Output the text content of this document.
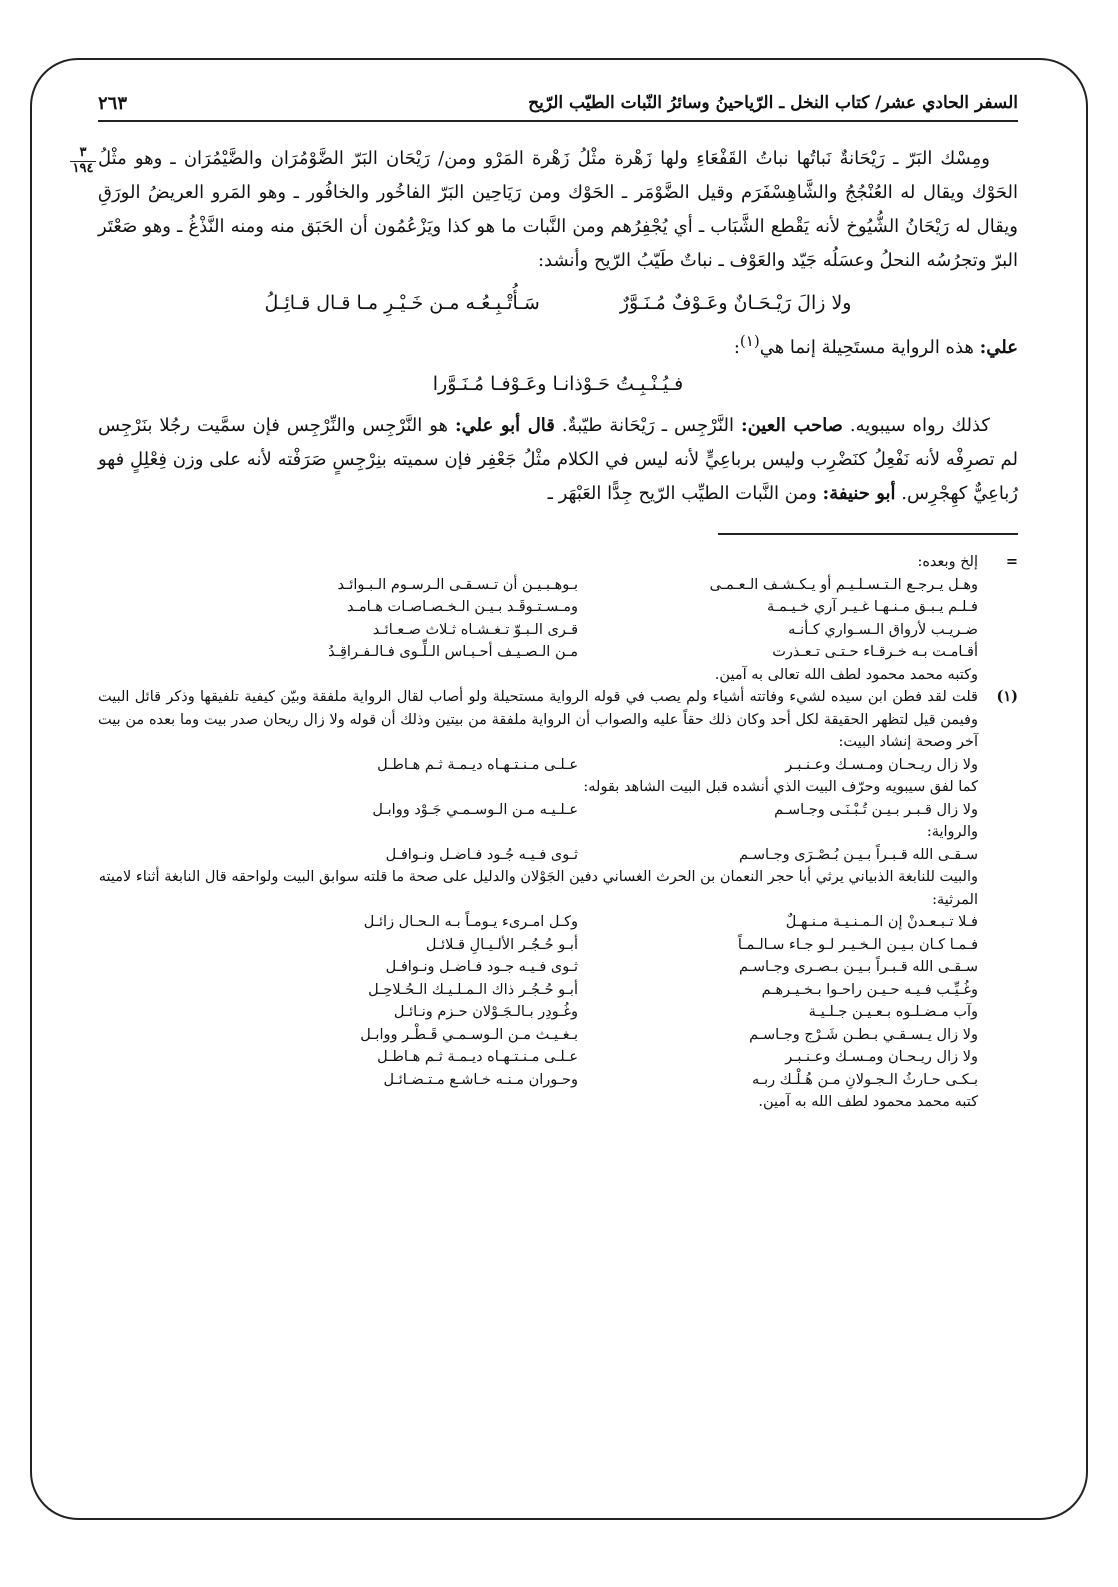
السفر الحادي عشر/ كتاب النخل ـ الرّياحينُ وسائرُ النّبات الطيّب الرّيح
٢٦٣
٣
١٩٤ ومِسْك البَرّ ـ رَيْحَانةٌ نَباتُها نباتُ القَفْعَاءِ ولها زَهْرة مثْلُ زَهْرة المَرْو ومن/ رَيْحَان البَرّ الضَّوْمُرَان والضَّيْمُرَان ـ وهو مثْلُ الحَوْك ويقال له العُنْجُجُ والشَّاهِسْفَرَم وقيل الضَّوْمَر ـ الحَوْك ومن رَيَاحِين البَرّ الفاخُور والخافُور ـ وهو المَرو العريضُ الورَقِ ويقال له رَيْحَانُ الشُّيُوخ لأنه يَقْطع الشَّبَاب ـ أي يُجْفِرُهم ومن النَّبات ما هو كذا ويَزْعُمُون أن الحَبَق منه ومنه النَّذْغُ ـ وهو صَعْتَر البرّ وتجرُسُه النحلُ وعسَلُه جَيّد والعَوْف ـ نباتٌ طَيّبُ الرّيح وأنشد:

ولا زالَ رَيْـحَـانٌ وعَـوْفٌ مُـنَـوَّرٌ
سَـأُتْـبِـعُـه مـن خَـيْـرِ مـا قـال قـائِـلُ

علي: هذه الرواية مستَحِيلة إنما هي$^{(١)}$:

فـيُـنْـبِـتُ حَـوْذانـا وعَـوْفـا مُـنَـوَّرا

كذلك رواه سيبويه. صاحب العين: النَّرْجِس ـ رَيْحَانة طيّبةٌ. قال أبو علي: هو النَّرْجِس والنِّرْجِس فإن سمَّيت رجُلا بنَرْجِس لم تصرِفْه لأنه نَفْعِلُ كنَضْرِب وليس برباعِيٍّ لأنه ليس في الكلام مثْلُ جَعْفِر فإن سميته بنِرْجِسٍ صَرَفْته لأنه على وزن فِعْلِلٍ فهو رُباعِيٌّ كهِجْرِس. أبو حنيفة: ومن النَّبات الطيِّب الرّيح جِدًّا العَبْهَر ـ

=
إلخ وبعده:
وهـل يـرجـع الـتـسـلـيـم أو يـكـشـف الـعـمـى
بـوهـبـيـن أن تـسـقـى الـرسـوم الـبـوائـد
فـلـم يـبـق مـنـهـا غـيـر آري خـيـمـة
ومـسـتـوقَـد بـيـن الـخـصـاصـات هـامـد
ضـريـب لأرواق الـسـواري كـأنـه
قـرى الـبـوّ تـغـشـاه ثـلاث صـعـائـد
أقـامـت بـه خـرقـاء حـتـى تـعـذرت
مـن الـصـيـف أحـبـاس الـلِّـوى فـالـفـراقِـدُ
وكتبه محمد محمود لطف الله تعالى به آمين.
(١)
قلت لقد فطن ابن سيده لشيء وفاتته أشياء ولم يصب في قوله الرواية مستحيلة ولو أصاب لقال الرواية ملفقة وبيّن كيفية تلفيقها وذكر قائل البيت وفيمن قيل لتظهر الحقيقة لكل أحد وكان ذلك حقاً عليه والصواب أن الرواية ملفقة من بيتين وذلك أن قوله ولا زال ريحان صدر بيت وما بعده من بيت آخر وصحة إنشاد البيت:
ولا زال ريـحـان ومـسـك وعـنـبـر
عـلـى مـنـتـهـاه ديـمـة ثـم هـاطـل
كما لفق سيبويه وحرّف البيت الذي أنشده قبل البيت الشاهد بقوله:
ولا زال قـبـر بـيـن تُـبْـنَـى وجـاسـم
عـلـيـه مـن الـوسـمـي جَـوْد ووابـل
والرواية:
سـقـى الله قـبـراً بـيـن بُـصْـرَى وجـاسـم
ثـوى فـيـه جُـود فـاضـل ونـوافـل
والبيت للنابغة الذبياني يرثي أبا حجر النعمان بن الحرث الغساني دفين الجَوْلان والدليل على صحة ما قلته سوابق البيت ولواحقه قال النابغة أثناء لاميته المرثية:
فـلا تـبـعـدنْ إن الـمـنـيـة مـنـهـلٌ
وكـل امـرىء يـومـاً بـه الـحـال زائـل
فـمـا كـان بـيـن الـخـيـر لـو جـاء سـالـمـاً
أبـو حُـجُـر الألـيـالِ قـلائـل
سـقـى الله قـبـراً بـيـن بـصـرى وجـاسـم
ثـوى فـيـه جـود فـاضـل ونـوافـل
وغُـيِّـب فـيـه حـيـن راحـوا بـخـيـرهـم
أبـو حُـجُـر ذاك الـمـلـيـك الـحُـلاحِـل
وآب مـضـلـوه بـعـيـن جـلـيـة
وغُـودِر بـالـجَـوْلان حـزم ونـائـل
ولا زال يـسـقـي بـطـن شَـرْج وجـاسـم
بـغـيـث مـن الـوسـمـي قَـطْـر ووابـل
ولا زال ريـحـان ومـسـك وعـنـبـر
عـلـى مـنـتـهـاه ديـمـة ثـم هـاطـل
بـكـى حـارثُ الـجـولانِ مـن هُـلْـك ربـه
وحـوران مـنـه خـاشـع مـتـضـائـل
كتبه محمد محمود لطف الله به آمين.
